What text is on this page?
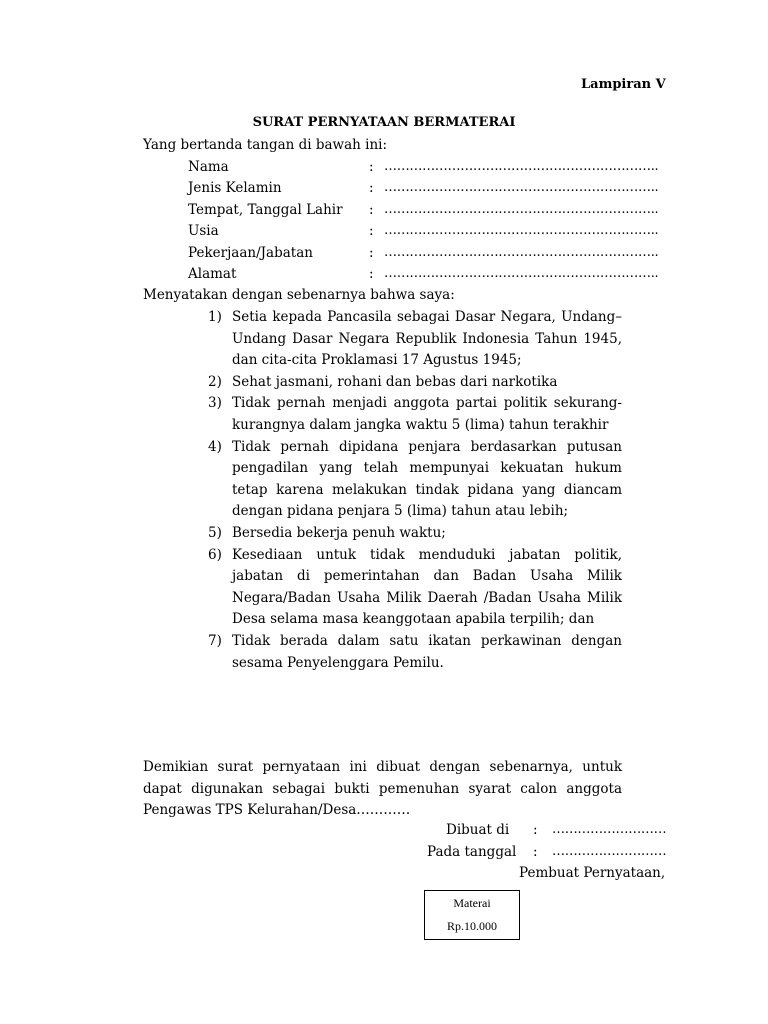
Lampiran V
SURAT PERNYATAAN BERMATERAI
Yang bertanda tangan di bawah ini:
Nama	: ………………………………………………………..
Jenis Kelamin	: ………………………………………………………..
Tempat, Tanggal Lahir : ………………………………………………………..
Usia	: ………………………………………………………..
Pekerjaan/Jabatan	: ………………………………………………………..
Alamat	: ………………………………………………………..
Menyatakan dengan sebenarnya bahwa saya:
1) Setia kepada Pancasila sebagai Dasar Negara, Undang–Undang Dasar Negara Republik Indonesia Tahun 1945, dan cita-cita Proklamasi 17 Agustus 1945;
2) Sehat jasmani, rohani dan bebas dari narkotika
3) Tidak pernah menjadi anggota partai politik sekurang- kurangnya dalam jangka waktu 5 (lima) tahun terakhir
4) Tidak pernah dipidana penjara berdasarkan putusan pengadilan yang telah mempunyai kekuatan hukum tetap karena melakukan tindak pidana yang diancam dengan pidana penjara 5 (lima) tahun atau lebih;
5) Bersedia bekerja penuh waktu;
6) Kesediaan untuk tidak menduduki jabatan politik, jabatan di pemerintahan dan Badan Usaha Milik Negara/Badan Usaha Milik Daerah /Badan Usaha Milik Desa selama masa keanggotaan apabila terpilih; dan
7) Tidak berada dalam satu ikatan perkawinan dengan sesama Penyelenggara Pemilu.
Demikian surat pernyataan ini dibuat dengan sebenarnya, untuk dapat digunakan sebagai bukti pemenuhan syarat calon anggota Pengawas TPS Kelurahan/Desa…………
Dibuat di : ………………………
Pada tanggal : ………………………
Pembuat Pernyataan,
Materai
Rp.10.000
